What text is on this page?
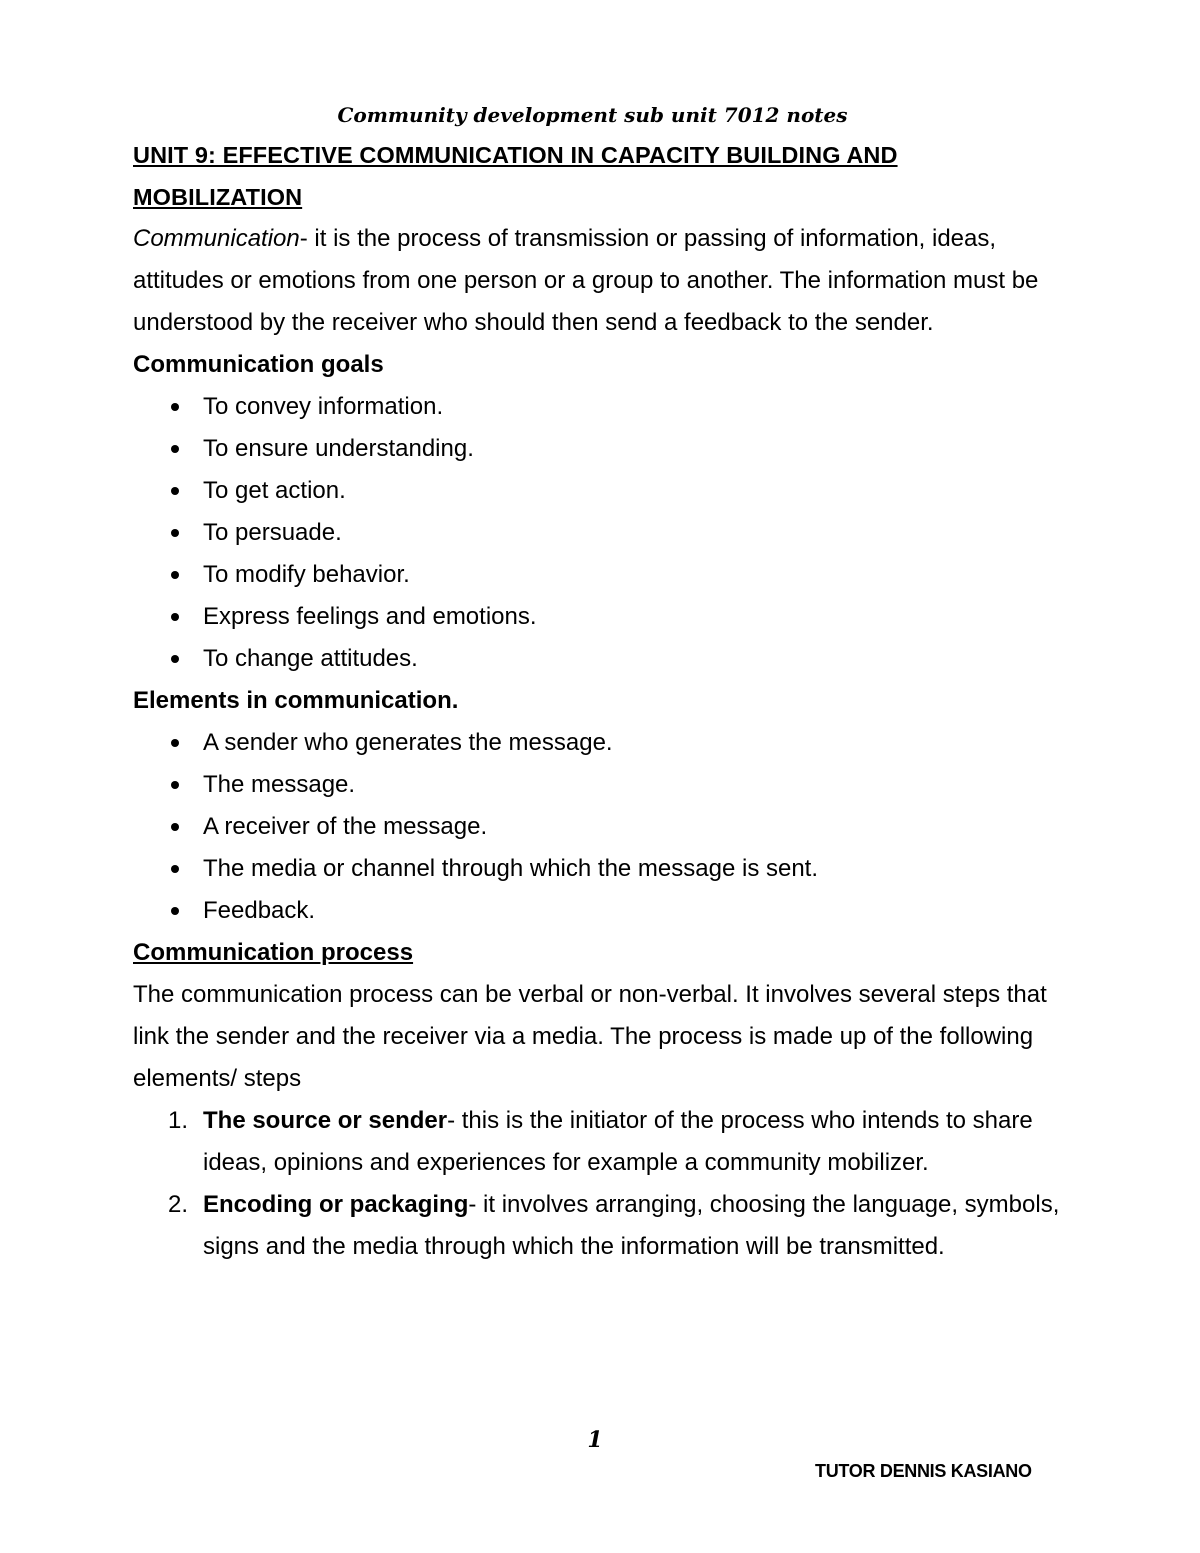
Community development sub unit 7012 notes

UNIT 9: EFFECTIVE COMMUNICATION IN CAPACITY BUILDING AND MOBILIZATION

Communication- it is the process of transmission or passing of information, ideas, attitudes or emotions from one person or a group to another. The information must be understood by the receiver who should then send a feedback to the sender.

Communication goals

To convey information.
To ensure understanding.
To get action.
To persuade.
To modify behavior.
Express feelings and emotions.
To change attitudes.

Elements in communication.

A sender who generates the message.
The message.
A receiver of the message.
The media or channel through which the message is sent.
Feedback.

Communication process

The communication process can be verbal or non-verbal. It involves several steps that link the sender and the receiver via a media. The process is made up of the following elements/ steps

1. The source or sender- this is the initiator of the process who intends to share ideas, opinions and experiences for example a community mobilizer.
2. Encoding or packaging- it involves arranging, choosing the language, symbols, signs and the media through which the information will be transmitted.
1
TUTOR DENNIS KASIANO
